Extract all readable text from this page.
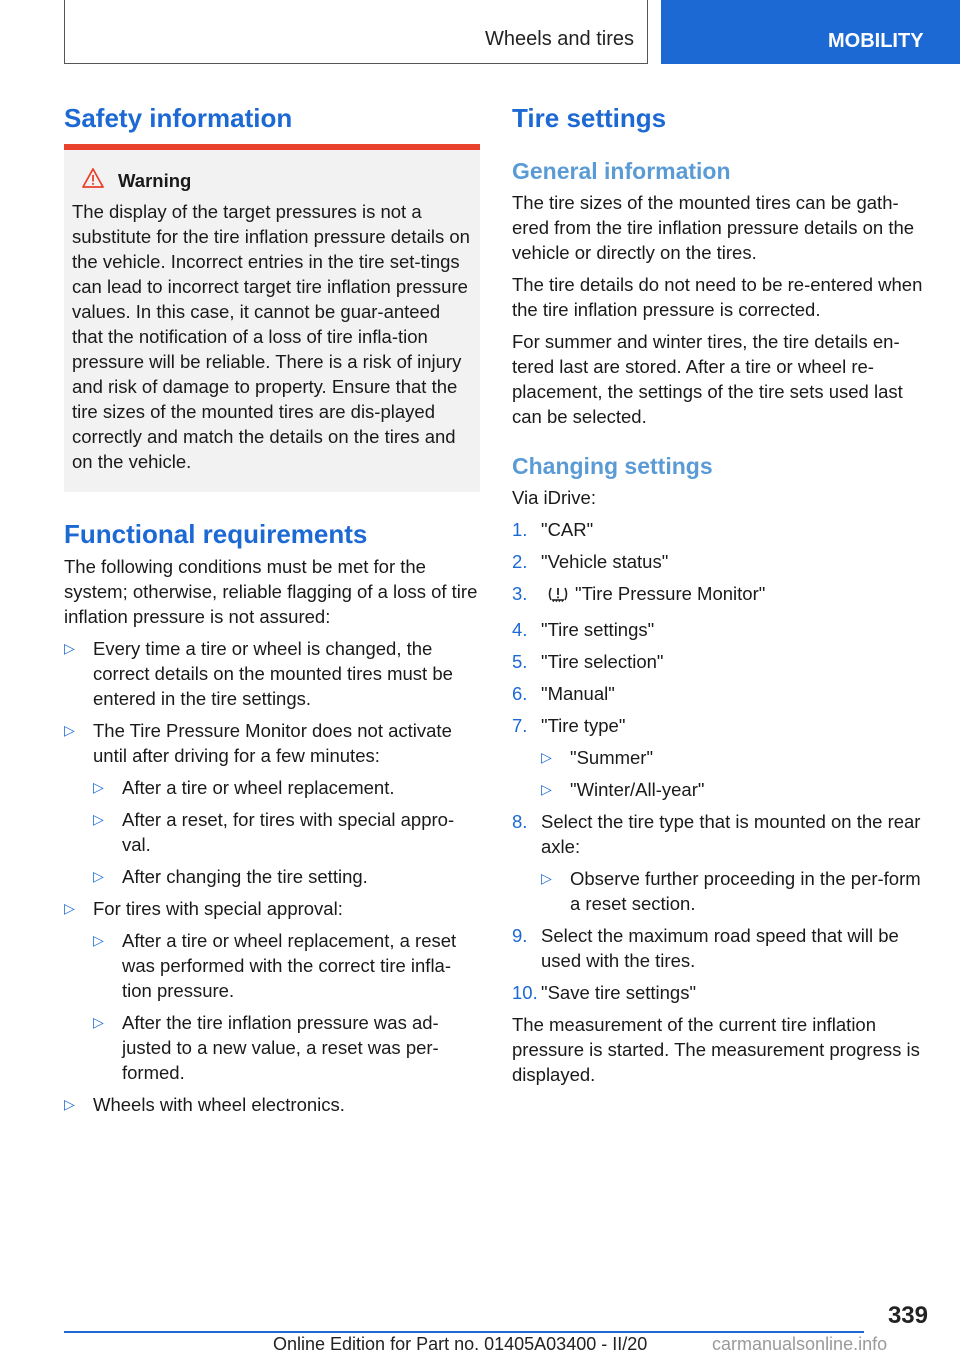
Wheels and tires	MOBILITY
Safety information
Warning

The display of the target pressures is not a substitute for the tire inflation pressure details on the vehicle. Incorrect entries in the tire set-tings can lead to incorrect target tire inflation pressure values. In this case, it cannot be guar-anteed that the notification of a loss of tire infla-tion pressure will be reliable. There is a risk of injury and risk of damage to property. Ensure that the tire sizes of the mounted tires are dis-played correctly and match the details on the tires and on the vehicle.

Functional requirements

The following conditions must be met for the system; otherwise, reliable flagging of a loss of tire inflation pressure is not assured:

▷ Every time a tire or wheel is changed, the correct details on the mounted tires must be entered in the tire settings.
▷ The Tire Pressure Monitor does not activate until after driving for a few minutes:
▷ After a tire or wheel replacement.
▷ After a reset, for tires with special appro-val.
▷ After changing the tire setting.
▷ For tires with special approval:
▷ After a tire or wheel replacement, a reset was performed with the correct tire infla-tion pressure.
▷ After the tire inflation pressure was ad-justed to a new value, a reset was per-formed.
▷ Wheels with wheel electronics.
Tire settings
General information

The tire sizes of the mounted tires can be gath-ered from the tire inflation pressure details on the vehicle or directly on the tires.

The tire details do not need to be re-entered when the tire inflation pressure is corrected.

For summer and winter tires, the tire details en-tered last are stored. After a tire or wheel re-placement, the settings of the tire sets used last can be selected.

Changing settings

Via iDrive:

1. "CAR"
2. "Vehicle status"
3.	"Tire Pressure Monitor"
4. "Tire settings"
5. "Tire selection"
6. "Manual"
7. "Tire type"
▷ "Summer"
▷ "Winter/All-year"
8. Select the tire type that is mounted on the rear axle:
▷ Observe further proceeding in the per-form a reset section.
9. Select the maximum road speed that will be used with the tires.
10. "Save tire settings"

The measurement of the current tire inflation pressure is started. The measurement progress is displayed.

339
Online Edition for Part no. 01405A03400 - II/20	carmanualsonline.info
